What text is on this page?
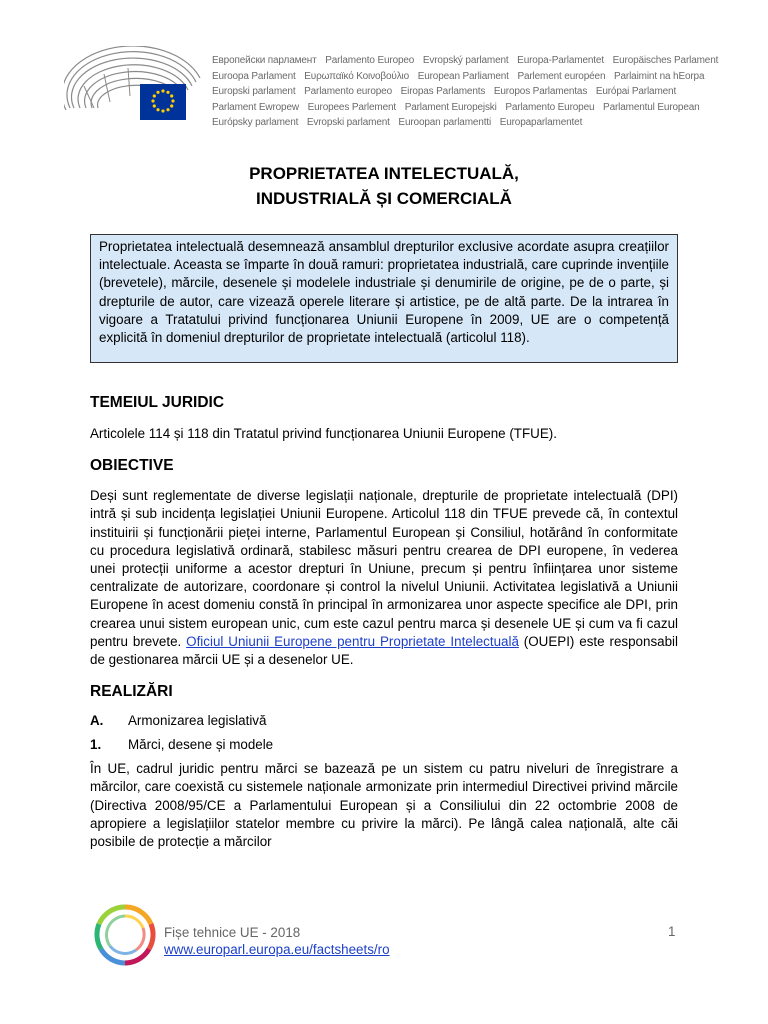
Европейски парламент Parlamento Europeo Evropský parlament Europa-Parlamentet Europäisches Parlament
Euroopa Parlament Ευρωπαϊκό Κοινοβούλιο European Parliament Parlement européen Parlaimint na hEorpa
Europski parlament Parlamento europeo Eiropas Parlaments Europos Parlamentas Európai Parlament
Parlament Ewropew Europees Parlement Parlament Europejski Parlamento Europeu Parlamentul European
Európsky parlament Evropski parlament Euroopan parlamentti Europaparlamentet
PROPRIETATEA INTELECTUALĂ,
INDUSTRIALĂ ȘI COMERCIALĂ
Proprietatea intelectuală desemnează ansamblul drepturilor exclusive acordate asupra creațiilor intelectuale. Aceasta se împarte în două ramuri: proprietatea industrială, care cuprinde invențiile (brevetele), mărcile, desenele și modelele industriale și denumirile de origine, pe de o parte, și drepturile de autor, care vizează operele literare și artistice, pe de altă parte. De la intrarea în vigoare a Tratatului privind funcționarea Uniunii Europene în 2009, UE are o competență explicită în domeniul drepturilor de proprietate intelectuală (articolul 118).
TEMEIUL JURIDIC

Articolele 114 și 118 din Tratatul privind funcționarea Uniunii Europene (TFUE).

OBIECTIVE

Deși sunt reglementate de diverse legislații naționale, drepturile de proprietate intelectuală (DPI) intră și sub incidența legislației Uniunii Europene. Articolul 118 din TFUE prevede că, în contextul instituirii și funcționării pieței interne, Parlamentul European și Consiliul, hotărând în conformitate cu procedura legislativă ordinară, stabilesc măsuri pentru crearea de DPI europene, în vederea unei protecții uniforme a acestor drepturi în Uniune, precum și pentru înființarea unor sisteme centralizate de autorizare, coordonare și control la nivelul Uniunii. Activitatea legislativă a Uniunii Europene în acest domeniu constă în principal în armonizarea unor aspecte specifice ale DPI, prin crearea unui sistem european unic, cum este cazul pentru marca și desenele UE și cum va fi cazul pentru brevete. Oficiul Uniunii Europene pentru Proprietate Intelectuală (OUEPI) este responsabil de gestionarea mărcii UE și a desenelor UE.

REALIZĂRI
A.	Armonizarea legislativă
1.	Mărci, desene și modele

În UE, cadrul juridic pentru mărci se bazează pe un sistem cu patru niveluri de înregistrare a mărcilor, care coexistă cu sistemele naționale armonizate prin intermediul Directivei privind mărcile (Directiva 2008/95/CE a Parlamentului European și a Consiliului din 22 octombrie 2008 de apropiere a legislațiilor statelor membre cu privire la mărci). Pe lângă calea națională, alte căi posibile de protecție a mărcilor

Fișe tehnice UE - 2018
www.europarl.europa.eu/factsheets/ro
1
